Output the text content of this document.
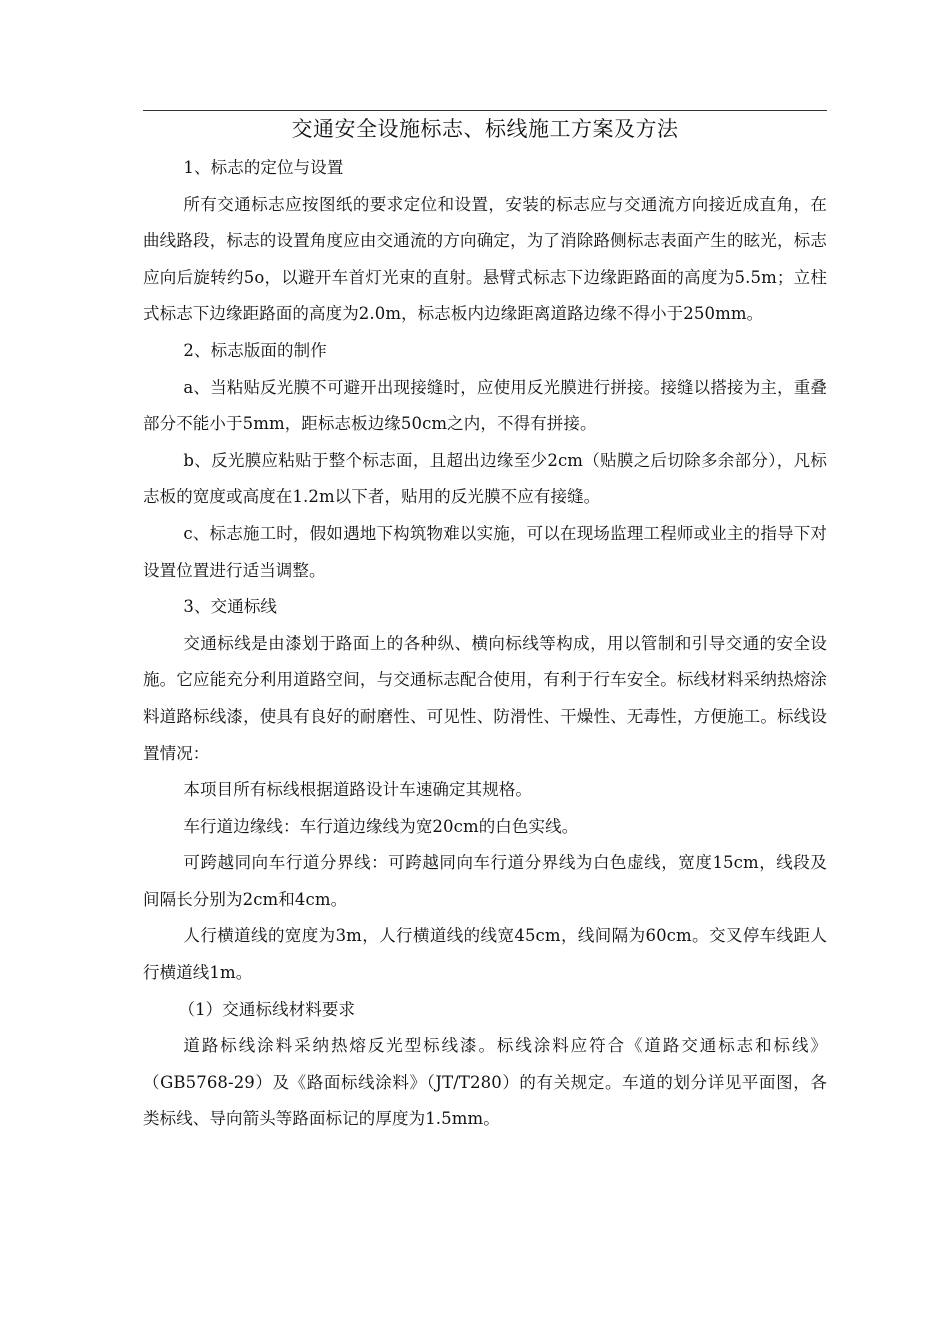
交通安全设施标志、标线施工方案及方法

1、标志的定位与设置

所有交通标志应按图纸的要求定位和设置，安装的标志应与交通流方向接近成直角，在曲线路段，标志的设置角度应由交通流的方向确定，为了消除路侧标志表面产生的眩光，标志应向后旋转约5o，以避开车首灯光束的直射。悬臂式标志下边缘距路面的高度为5.5m；立柱式标志下边缘距路面的高度为2.0m，标志板内边缘距离道路边缘不得小于250mm。

2、标志版面的制作

a、当粘贴反光膜不可避开出现接缝时，应使用反光膜进行拼接。接缝以搭接为主，重叠部分不能小于5mm，距标志板边缘50cm之内，不得有拼接。

b、反光膜应粘贴于整个标志面，且超出边缘至少2cm（贴膜之后切除多余部分），凡标志板的宽度或高度在1.2m以下者，贴用的反光膜不应有接缝。

c、标志施工时，假如遇地下构筑物难以实施，可以在现场监理工程师或业主的指导下对设置位置进行适当调整。

3、交通标线

交通标线是由漆划于路面上的各种纵、横向标线等构成，用以管制和引导交通的安全设施。它应能充分利用道路空间，与交通标志配合使用，有利于行车安全。标线材料采纳热熔涂料道路标线漆，使具有良好的耐磨性、可见性、防滑性、干燥性、无毒性，方便施工。标线设置情况：

本项目所有标线根据道路设计车速确定其规格。

车行道边缘线：车行道边缘线为宽20cm的白色实线。

可跨越同向车行道分界线：可跨越同向车行道分界线为白色虚线，宽度15cm，线段及间隔长分别为2cm和4cm。

人行横道线的宽度为3m，人行横道线的线宽45cm，线间隔为60cm。交叉停车线距人行横道线1m。

（1）交通标线材料要求

道路标线涂料采纳热熔反光型标线漆。标线涂料应符合《道路交通标志和标线》（GB5768-29）及《路面标线涂料》（JT/T280）的有关规定。车道的划分详见平面图，各类标线、导向箭头等路面标记的厚度为1.5mm。
